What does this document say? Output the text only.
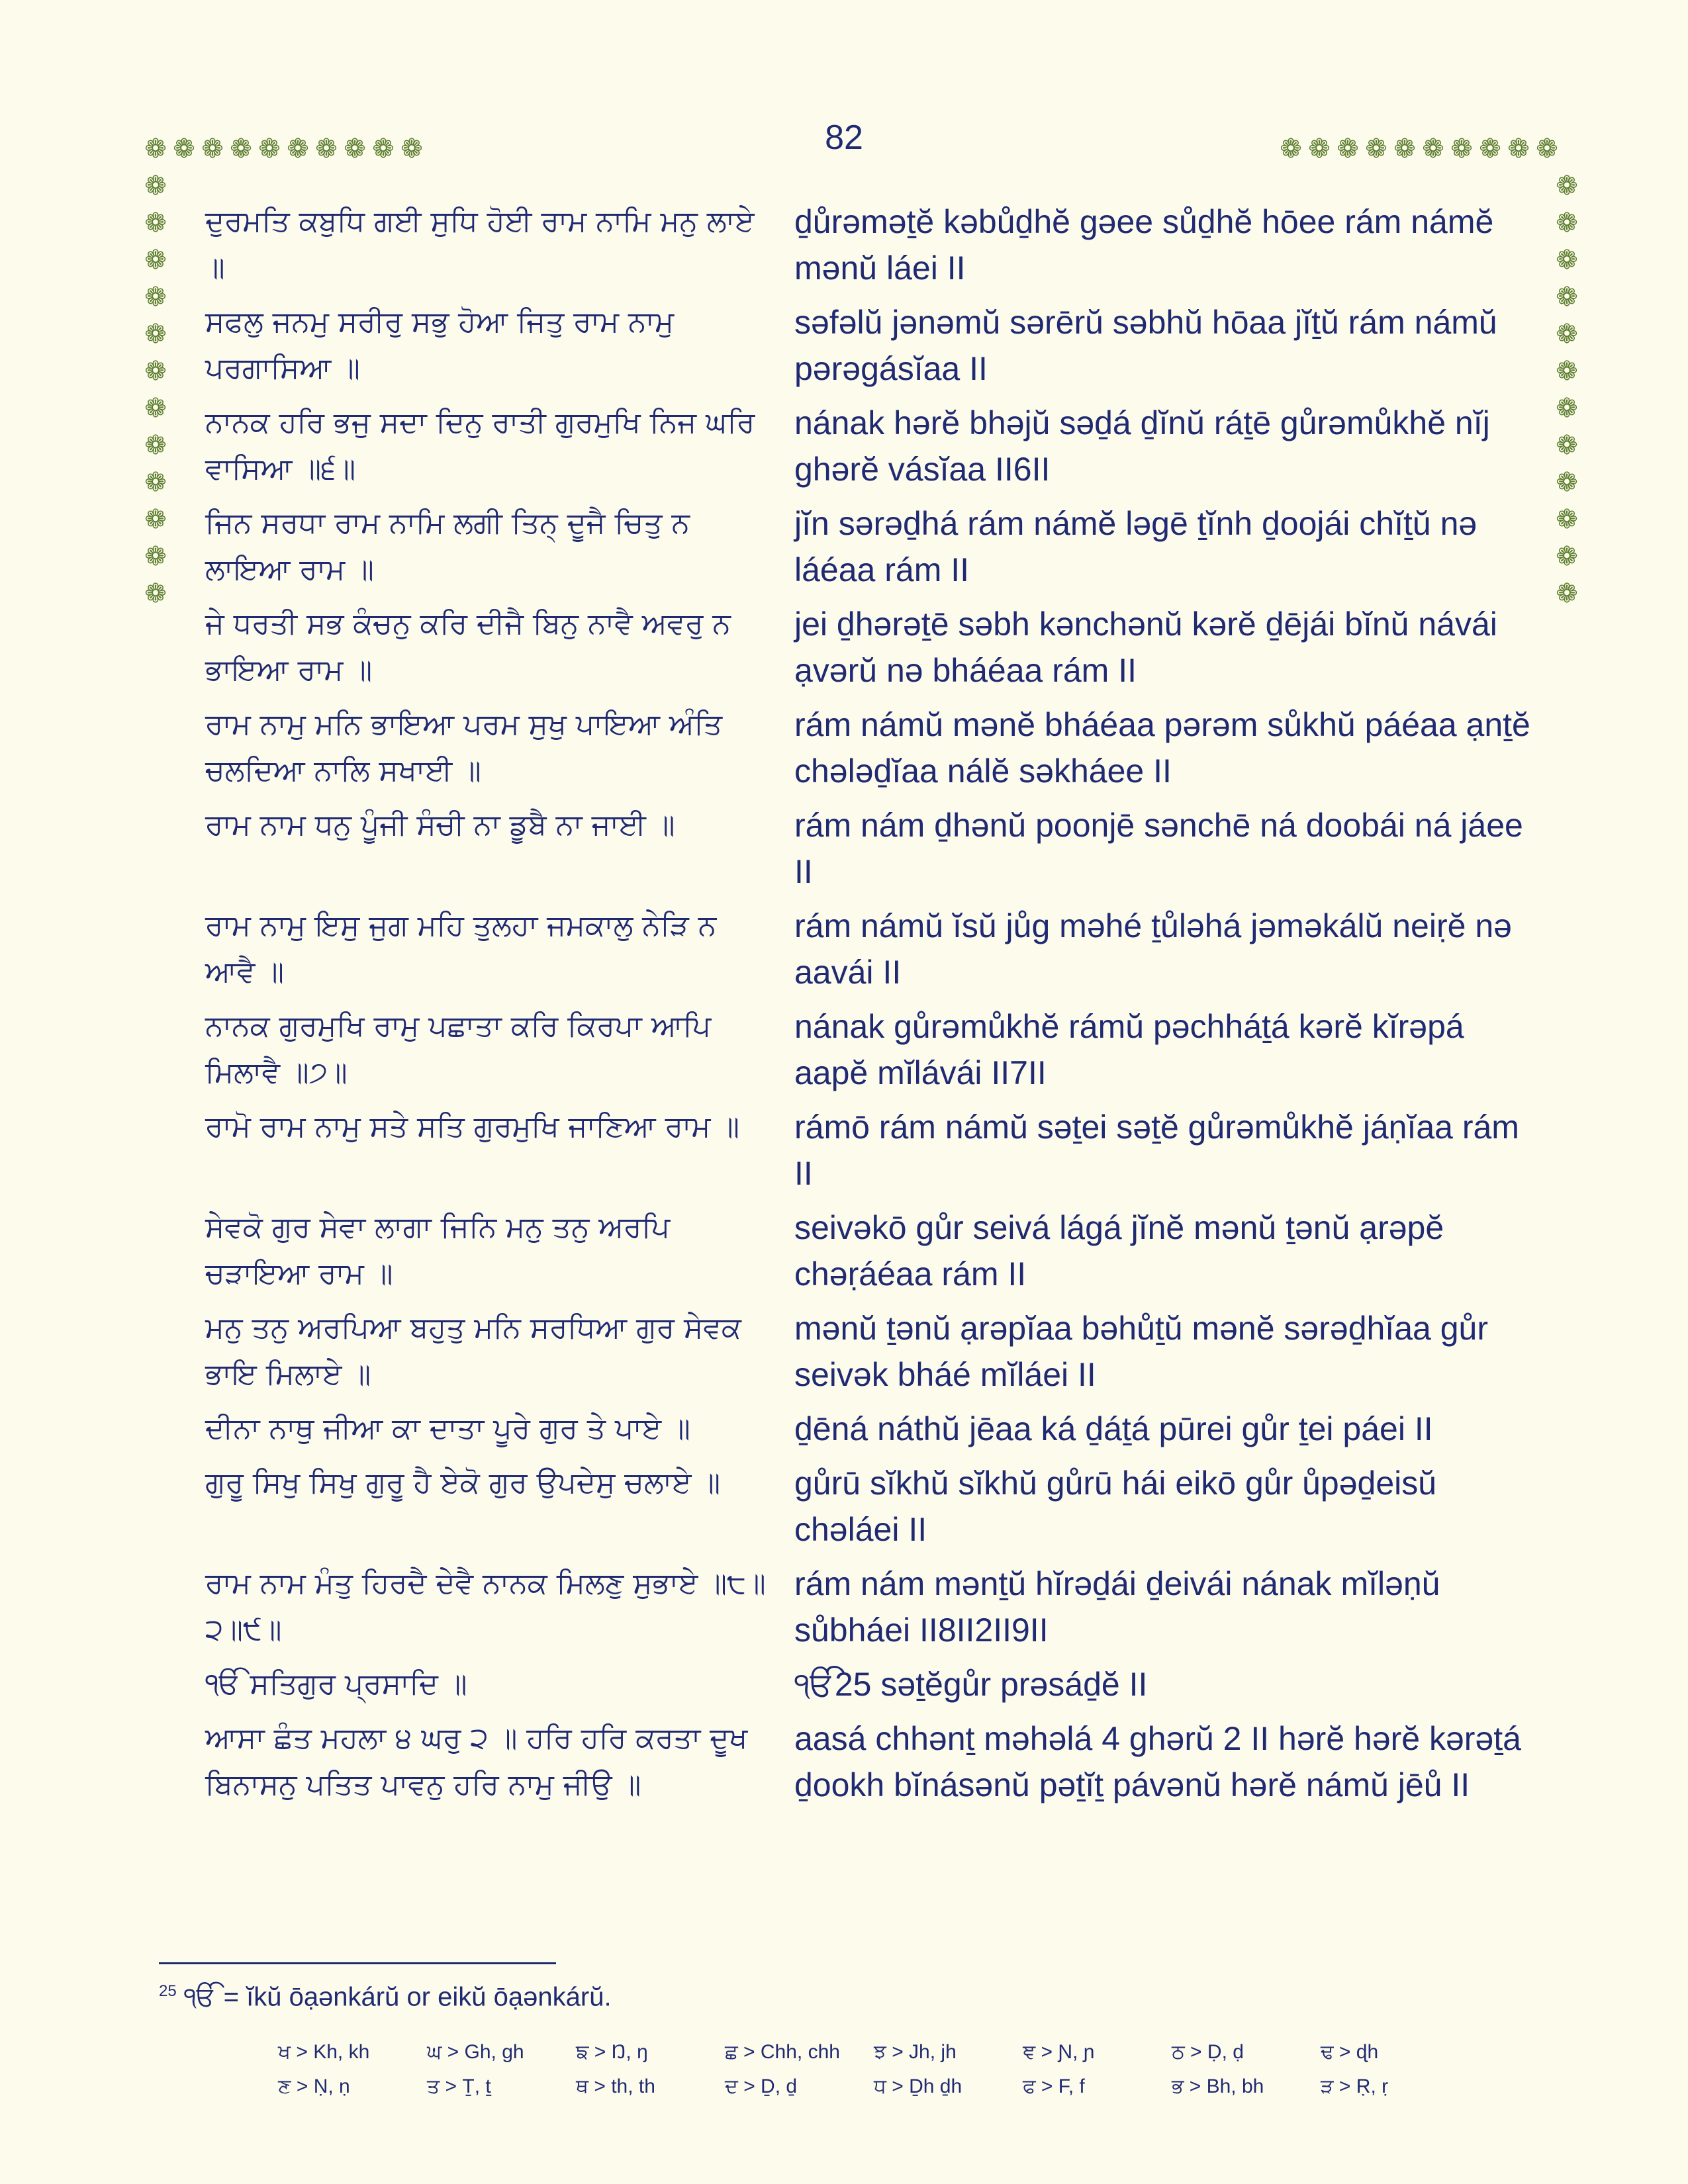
82
❁ ❁ ❁ ❁ ❁ ❁ ❁ ❁ ❁ ❁	❁ ❁ ❁ ❁ ❁ ❁ ❁ ❁ ❁ ❁
❁
❁
❁
❁
❁
❁
❁
❁
❁
❁
❁
❁
❁
❁
❁
❁
❁
❁
❁
❁
❁
❁
❁
❁
ਦੁਰਮਤਿ ਕਬੁਧਿ ਗਈ ਸੁਧਿ ਹੋਈ ਰਾਮ ਨਾਮਿ ਮਨੁ ਲਾਏ ॥
ḏůrəməṯĕ kəbůḏhĕ gəee sůḏhĕ hōee rám námĕ mənŭ láei II
ਸਫਲੁ ਜਨਮੁ ਸਰੀਰੁ ਸਭੁ ਹੋਆ ਜਿਤੁ ਰਾਮ ਨਾਮੁ ਪਰਗਾਸਿਆ ॥
səfəlŭ jənəmŭ sərērŭ səbhŭ hōaa jĭṯŭ rám námŭ pərəgásĭaa II
ਨਾਨਕ ਹਰਿ ਭਜੁ ਸਦਾ ਦਿਨੁ ਰਾਤੀ ਗੁਰਮੁਖਿ ਨਿਜ ਘਰਿ ਵਾਸਿਆ ॥੬॥
nának hərĕ bhəjŭ səḏá ḏĭnŭ ráṯē gůrəmůkhĕ nĭj ghərĕ vásĭaa II6II
ਜਿਨ ਸਰਧਾ ਰਾਮ ਨਾਮਿ ਲਗੀ ਤਿਨ੍ ਦੂਜੈ ਚਿਤੁ ਨ ਲਾਇਆ ਰਾਮ ॥
jĭn sərəḏhá rám námĕ ləgē ṯĭnh ḏoojái chĭṯŭ nə láéaa rám II
ਜੇ ਧਰਤੀ ਸਭ ਕੰਚਨੁ ਕਰਿ ਦੀਜੈ ਬਿਨੁ ਨਾਵੈ ਅਵਰੁ ਨ ਭਾਇਆ ਰਾਮ ॥
jei ḏhərəṯē səbh kənchənŭ kərĕ ḏējái bĭnŭ návái ạvərŭ nə bháéaa rám II
ਰਾਮ ਨਾਮੁ ਮਨਿ ਭਾਇਆ ਪਰਮ ਸੁਖੁ ਪਾਇਆ ਅੰਤਿ ਚਲਦਿਆ ਨਾਲਿ ਸਖਾਈ ॥
rám námŭ mənĕ bháéaa pərəm sůkhŭ páéaa ạnṯĕ chələḏĭaa nálĕ səkháee II
ਰਾਮ ਨਾਮ ਧਨੁ ਪੂੰਜੀ ਸੰਚੀ ਨਾ ਡੂਬੈ ਨਾ ਜਾਈ ॥	rám nám ḏhənŭ poonjē sənchē ná doobái ná jáee II
ਰਾਮ ਨਾਮੁ ਇਸੁ ਜੁਗ ਮਹਿ ਤੁਲਹਾ ਜਮਕਾਲੁ ਨੇੜਿ ਨ ਆਵੈ ॥
rám námŭ ĭsŭ jůg məhé ṯůləhá jəməkálŭ neiṛĕ nə aavái II
ਨਾਨਕ ਗੁਰਮੁਖਿ ਰਾਮੁ ਪਛਾਤਾ ਕਰਿ ਕਿਰਪਾ ਆਪਿ ਮਿਲਾਵੈ ॥੭॥
nának gůrəmůkhĕ rámŭ pəchháṯá kərĕ kĭrəpá aapĕ mĭlávái II7II
ਰਾਮੋ ਰਾਮ ਨਾਮੁ ਸਤੇ ਸਤਿ ਗੁਰਮੁਖਿ ਜਾਣਿਆ ਰਾਮ ॥	rámō rám námŭ səṯei səṯĕ gůrəmůkhĕ jáṇĭaa rám II
ਸੇਵਕੋ ਗੁਰ ਸੇਵਾ ਲਾਗਾ ਜਿਨਿ ਮਨੁ ਤਨੁ ਅਰਪਿ ਚੜਾਇਆ ਰਾਮ ॥
seivəkō gůr seivá lágá jĭnĕ mənŭ ṯənŭ ạrəpĕ chəṛáéaa rám II
ਮਨੁ ਤਨੁ ਅਰਪਿਆ ਬਹੁਤੁ ਮਨਿ ਸਰਧਿਆ ਗੁਰ ਸੇਵਕ ਭਾਇ ਮਿਲਾਏ ॥
mənŭ ṯənŭ ạrəpĭaa bəhůṯŭ mənĕ sərəḏhĭaa gůr seivək bháé mĭláei II
ਦੀਨਾ ਨਾਥੁ ਜੀਆ ਕਾ ਦਾਤਾ ਪੂਰੇ ਗੁਰ ਤੇ ਪਾਏ ॥	ḏēná náthŭ jēaa ká ḏáṯá pūrei gůr ṯei páei II
ਗੁਰੂ ਸਿਖੁ ਸਿਖੁ ਗੁਰੂ ਹੈ ਏਕੋ ਗੁਰ ਉਪਦੇਸੁ ਚਲਾਏ ॥	gůrū sĭkhŭ sĭkhŭ gůrū hái eikō gůr ůpəḏeisŭ chəláei II
ਰਾਮ ਨਾਮ ਮੰਤੁ ਹਿਰਦੈ ਦੇਵੈ ਨਾਨਕ ਮਿਲਣੁ ਸੁਭਾਏ ॥੮॥੨॥੯॥
rám nám mənṯŭ hĭrəḏái ḏeivái nának mĭləṇŭ sůbháei II8II2II9II
ੴ ਸਤਿਗੁਰ ਪ੍ਰਸਾਦਿ ॥	ੴ25 səṯĕgůr prəsáḏĕ II
ਆਸਾ ਛੰਤ ਮਹਲਾ ੪ ਘਰੁ ੨ ॥ ਹਰਿ ਹਰਿ ਕਰਤਾ ਦੂਖ ਬਿਨਾਸਨੁ ਪਤਿਤ ਪਾਵਨੁ ਹਰਿ ਨਾਮੁ ਜੀਉ ॥
aasá chhənṯ məhəlá 4 ghərŭ 2 II hərĕ hərĕ kərəṯá ḏookh bĭnásənŭ pəṯĭṯ pávənŭ hərĕ námŭ jēů II
$^{25}$ ੴ = ĭkŭ ōạənkárŭ or eikŭ ōạənkárŭ.
ਖ > Kh, kh	ਘ > Gh, gh	ਙ > Ŋ, ŋ	ਛ > Chh, chh	ਝ > Jh, jh	ਞ > Ɲ, ɲ	ਠ > Ḍ, ḍ	ਢ > ɖh
ਣ > Ṇ, ṇ	ਤ > Ṯ, ṯ	ਥ > th, th	ਦ > Ḏ, ḏ	ਧ > Ḏh ḏh	ਫ > F, f	ਭ > Bh, bh	ੜ > Ṛ, ṛ
